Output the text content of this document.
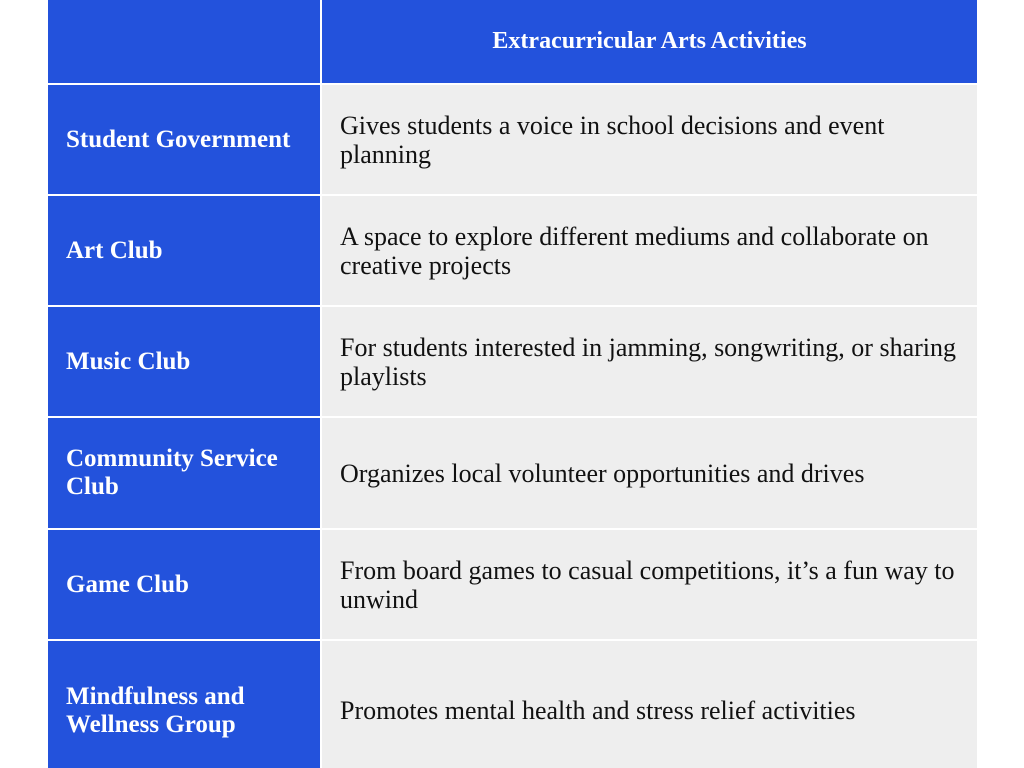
Extracurricular Arts Activities
Student Government	Gives students a voice in school decisions and event planning
Art Club	A space to explore different mediums and collaborate on creative projects
Music Club	For students interested in jamming, songwriting, or sharing playlists
Community Service Club	Organizes local volunteer opportunities and drives
Game Club	From board games to casual competitions, it’s a fun way to unwind
Mindfulness and Wellness Group	Promotes mental health and stress relief activities
